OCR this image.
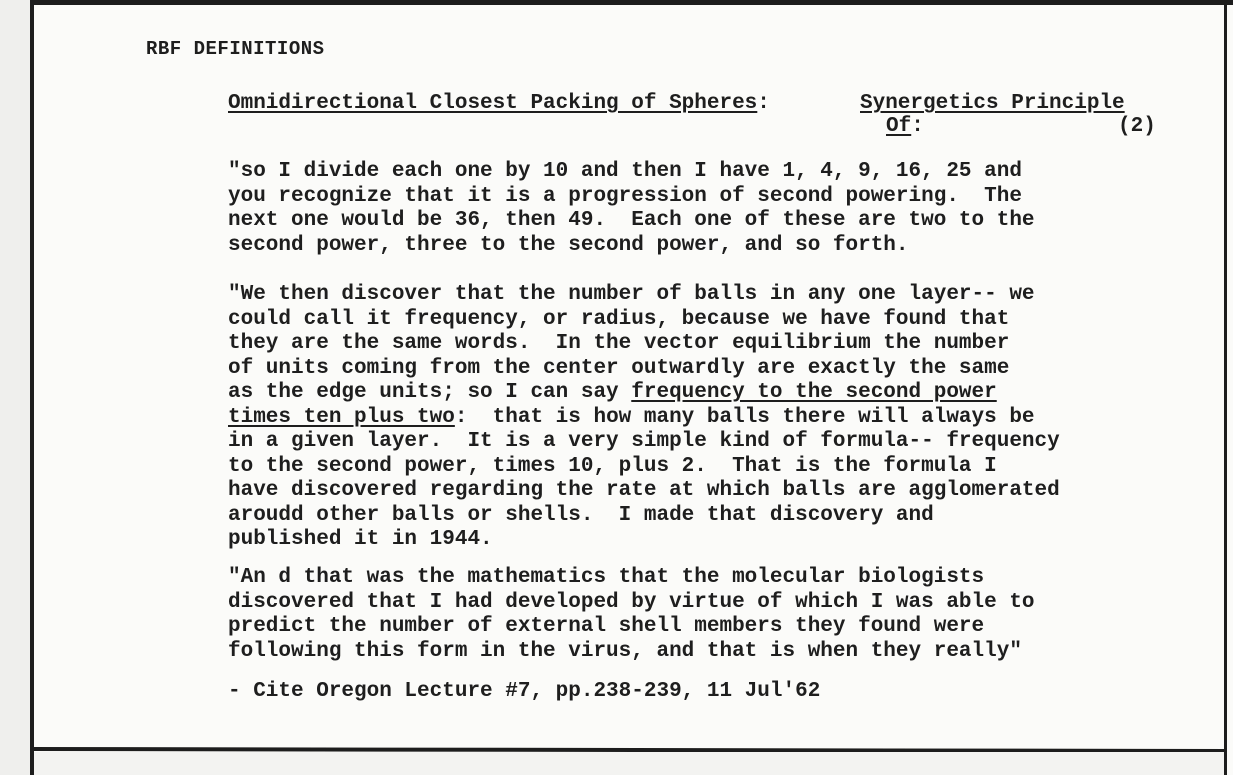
RBF DEFINITIONS
Omnidirectional Closest Packing of Spheres:	Synergetics Principle
Of:	(2)
"so I divide each one by 10 and then I have 1, 4, 9, 16, 25 and
you recognize that it is a progression of second powering.  The
next one would be 36, then 49.  Each one of these are two to the
second power, three to the second power, and so forth.
"We then discover that the number of balls in any one layer-- we
could call it frequency, or radius, because we have found that
they are the same words.  In the vector equilibrium the number
of units coming from the center outwardly are exactly the same
as the edge units; so I can say frequency to the second power
times ten plus two:  that is how many balls there will always be
in a given layer.  It is a very simple kind of formula-- frequency
to the second power, times 10, plus 2.  That is the formula I
have discovered regarding the rate at which balls are agglomerated
aroudd other balls or shells.  I made that discovery and
published it in 1944.
"An d that was the mathematics that the molecular biologists
discovered that I had developed by virtue of which I was able to
predict the number of external shell members they found were
following this form in the virus, and that is when they really"
- Cite Oregon Lecture #7, pp.238-239, 11 Jul'62
